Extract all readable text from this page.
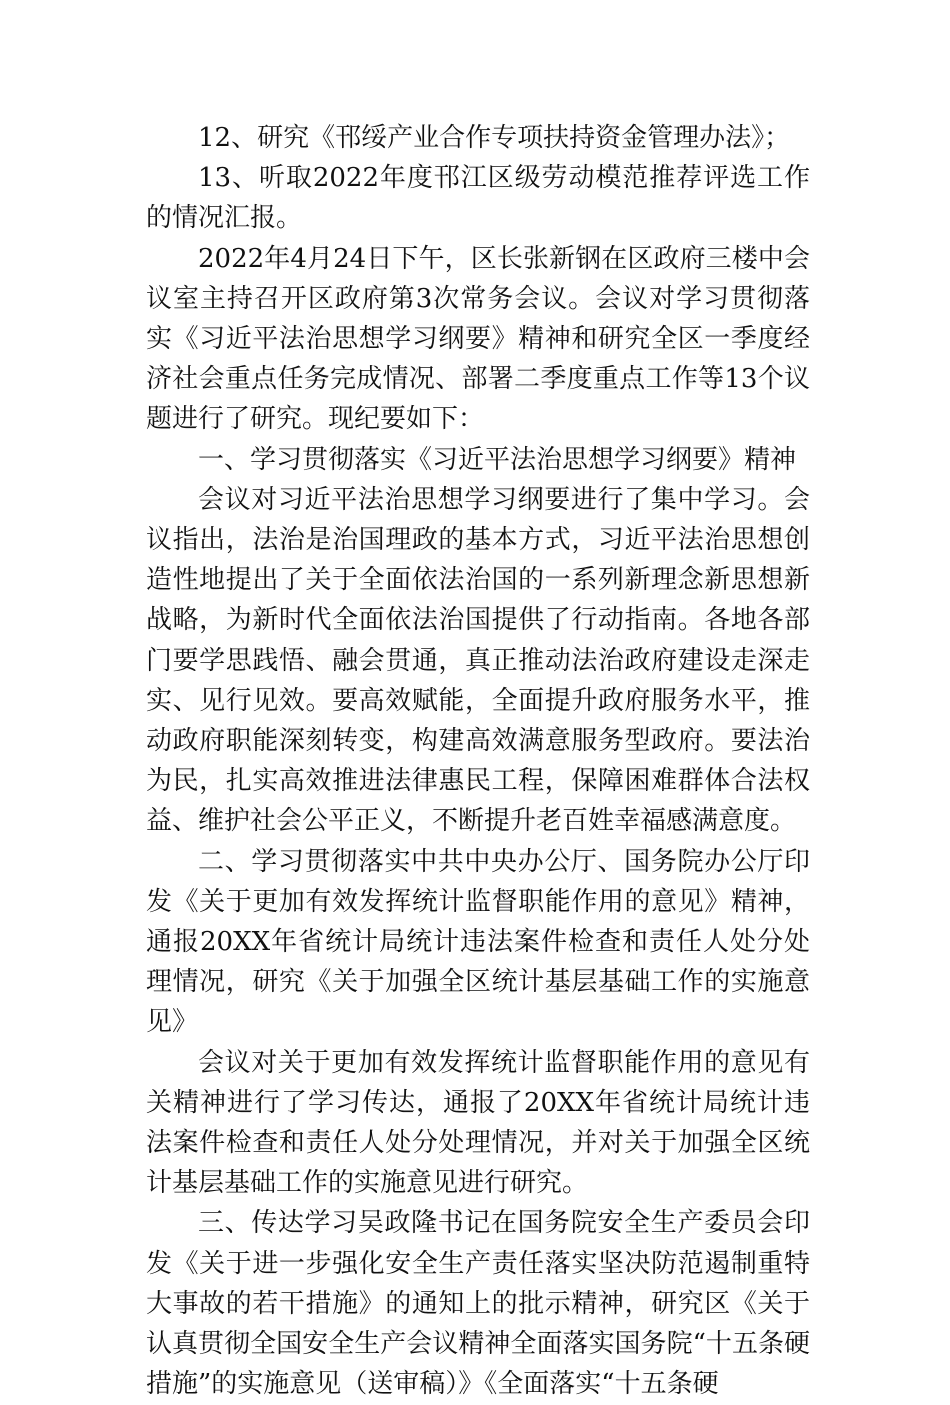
12、研究《邗绥产业合作专项扶持资金管理办法》；

13、听取2022年度邗江区级劳动模范推荐评选工作的情况汇报。

2022年4月24日下午，区长张新钢在区政府三楼中会议室主持召开区政府第3次常务会议。会议对学习贯彻落实《习近平法治思想学习纲要》精神和研究全区一季度经济社会重点任务完成情况、部署二季度重点工作等13个议题进行了研究。现纪要如下：

一、学习贯彻落实《习近平法治思想学习纲要》精神

会议对习近平法治思想学习纲要进行了集中学习。会议指出，法治是治国理政的基本方式，习近平法治思想创造性地提出了关于全面依法治国的一系列新理念新思想新战略，为新时代全面依法治国提供了行动指南。各地各部门要学思践悟、融会贯通，真正推动法治政府建设走深走实、见行见效。要高效赋能，全面提升政府服务水平，推动政府职能深刻转变，构建高效满意服务型政府。要法治为民，扎实高效推进法律惠民工程，保障困难群体合法权益、维护社会公平正义，不断提升老百姓幸福感满意度。

二、学习贯彻落实中共中央办公厅、国务院办公厅印发《关于更加有效发挥统计监督职能作用的意见》精神，通报20XX年省统计局统计违法案件检查和责任人处分处理情况，研究《关于加强全区统计基层基础工作的实施意见》

会议对关于更加有效发挥统计监督职能作用的意见有关精神进行了学习传达，通报了20XX年省统计局统计违法案件检查和责任人处分处理情况，并对关于加强全区统计基层基础工作的实施意见进行研究。

三、传达学习吴政隆书记在国务院安全生产委员会印发《关于进一步强化安全生产责任落实坚决防范遏制重特大事故的若干措施》的通知上的批示精神，研究区《关于认真贯彻全国安全生产会议精神全面落实国务院“十五条硬措施”的实施意见（送审稿）》《全面落实“十五条硬
